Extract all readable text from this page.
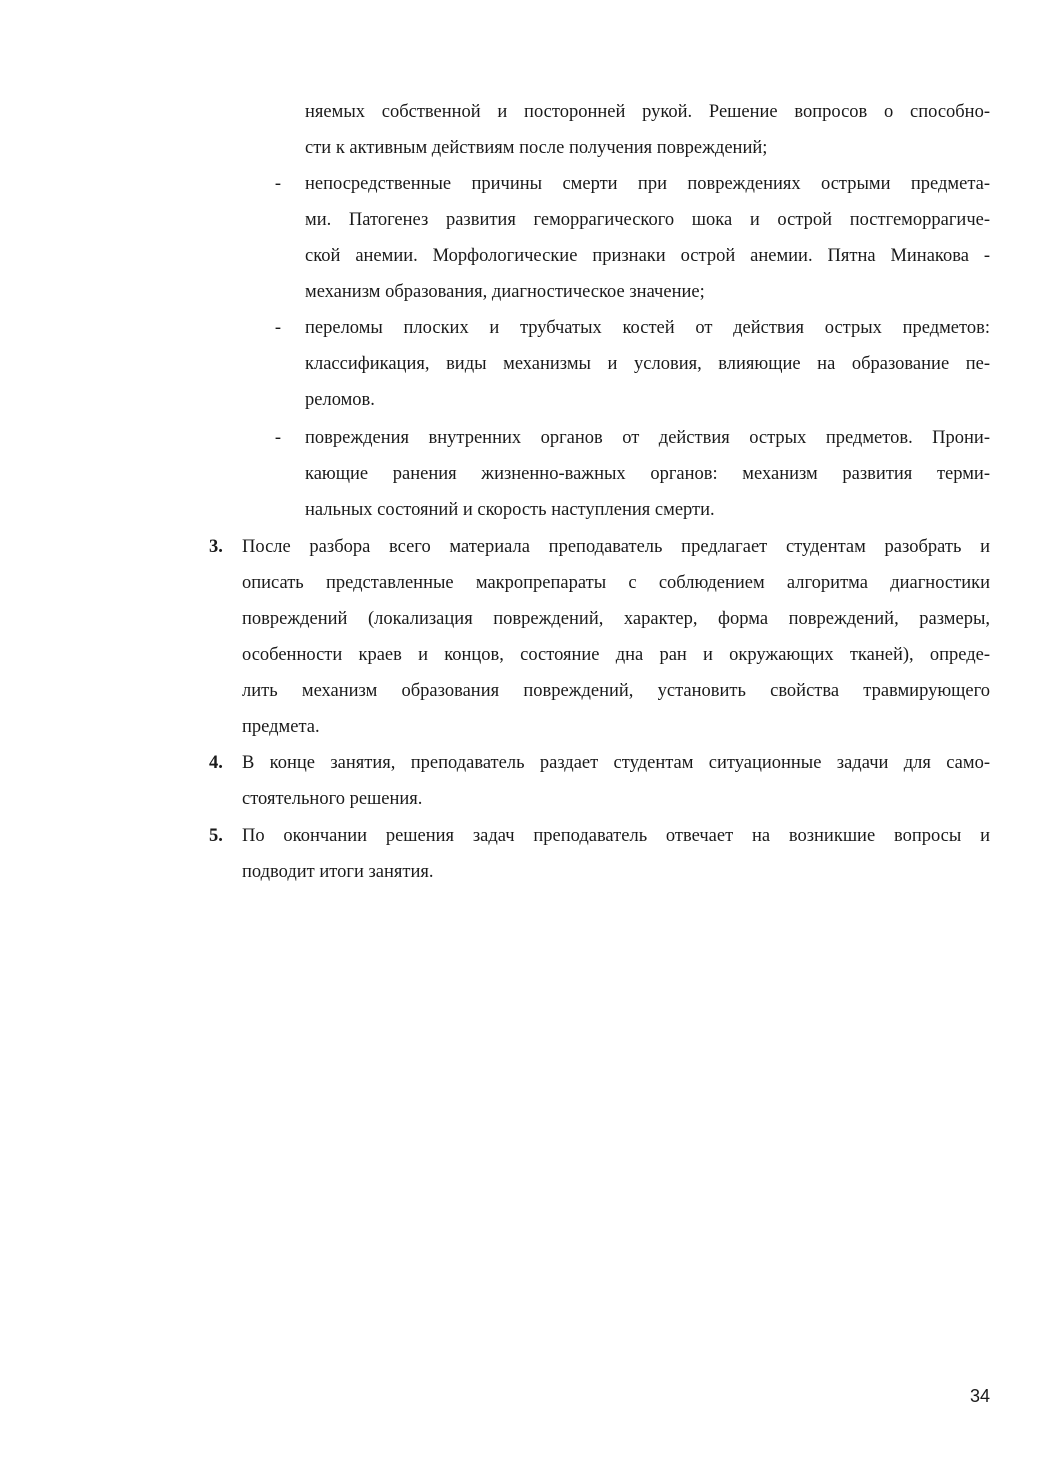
няемых собственной и посторонней рукой. Решение вопросов о способно-
сти к активным действиям после получения повреждений;
- непосредственные причины смерти при повреждениях острыми предмета-
ми. Патогенез развития геморрагического шока и острой постгеморрагиче-
ской анемии. Морфологические признаки острой анемии. Пятна Минакова -
механизм образования, диагностическое значение;
- переломы плоских и трубчатых костей от действия острых предметов:
классификация, виды механизмы и условия, влияющие на образование пе-
реломов.
- повреждения внутренних органов от действия острых предметов. Прони-
кающие ранения жизненно-важных органов: механизм развития терми-
нальных состояний и скорость наступления смерти.
3.	После разбора всего материала преподаватель предлагает студентам разобрать и
описать представленные макропрепараты с соблюдением алгоритма диагностики
повреждений (локализация повреждений, характер, форма повреждений, размеры,
особенности краев и концов, состояние дна ран и окружающих тканей), опреде-
лить механизм образования повреждений, установить свойства травмирующего
предмета.
4.	В конце занятия, преподаватель раздает студентам ситуационные задачи для само-
стоятельного решения.
5.	По окончании решения задач преподаватель отвечает на возникшие вопросы и
подводит итоги занятия.
34
